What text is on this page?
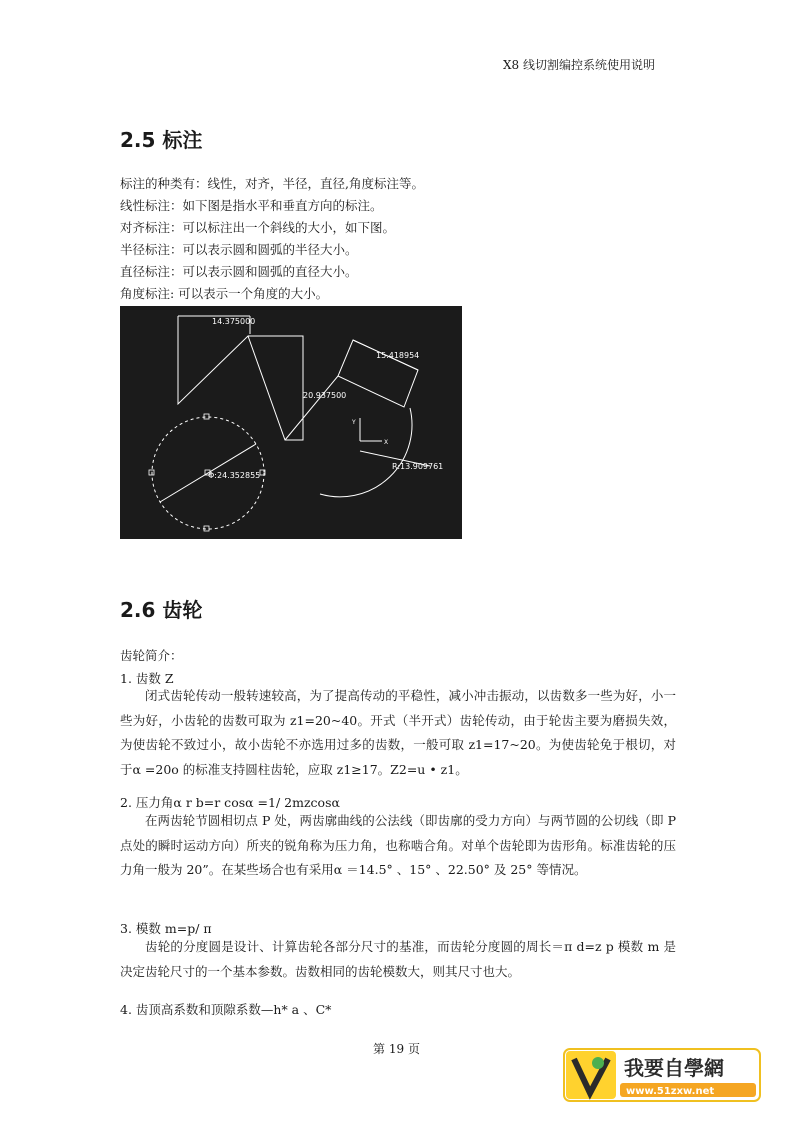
X8 线切割编控系统使用说明
2.5 标注
标注的种类有：线性，对齐，半径，直径,角度标注等。
线性标注：如下图是指水平和垂直方向的标注。
对齐标注：可以标注出一个斜线的大小，如下图。
半径标注：可以表示圆和圆弧的半径大小。
直径标注：可以表示圆和圆弧的直径大小。
角度标注: 可以表示一个角度的大小。
14.375000
15.418954
20.937500
Φ:24.352855
R:13.909761
Y
X
2.6 齿轮
齿轮简介：
1. 齿数 Z
闭式齿轮传动一般转速较高，为了提高传动的平稳性，减小冲击振动，以齿数多一些为好，小一些为好，小齿轮的齿数可取为 z1=20~40。开式（半开式）齿轮传动，由于轮齿主要为磨损失效，为使齿轮不致过小，故小齿轮不亦选用过多的齿数，一般可取 z1=17~20。为使齿轮免于根切，对于α =20o 的标准支持圆柱齿轮，应取 z1≥17。Z2=u • z1。
2. 压力角α r b=r cosα =1/ 2mzcosα
在两齿轮节圆相切点 P 处，两齿廓曲线的公法线（即齿廓的受力方向）与两节圆的公切线（即 P 点处的瞬时运动方向）所夹的锐角称为压力角，也称啮合角。对单个齿轮即为齿形角。标准齿轮的压力角一般为 20”。在某些场合也有采用α ＝14.5° 、15° 、22.50° 及 25° 等情况。
3. 模数 m=p/ π
齿轮的分度圆是设计、计算齿轮各部分尺寸的基准，而齿轮分度圆的周长＝π d=z p 模数 m 是决定齿轮尺寸的一个基本参数。齿数相同的齿轮模数大，则其尺寸也大。
4. 齿顶高系数和顶隙系数—h* a 、C*
第 19 页
我要自學網
www.51zxw.net
